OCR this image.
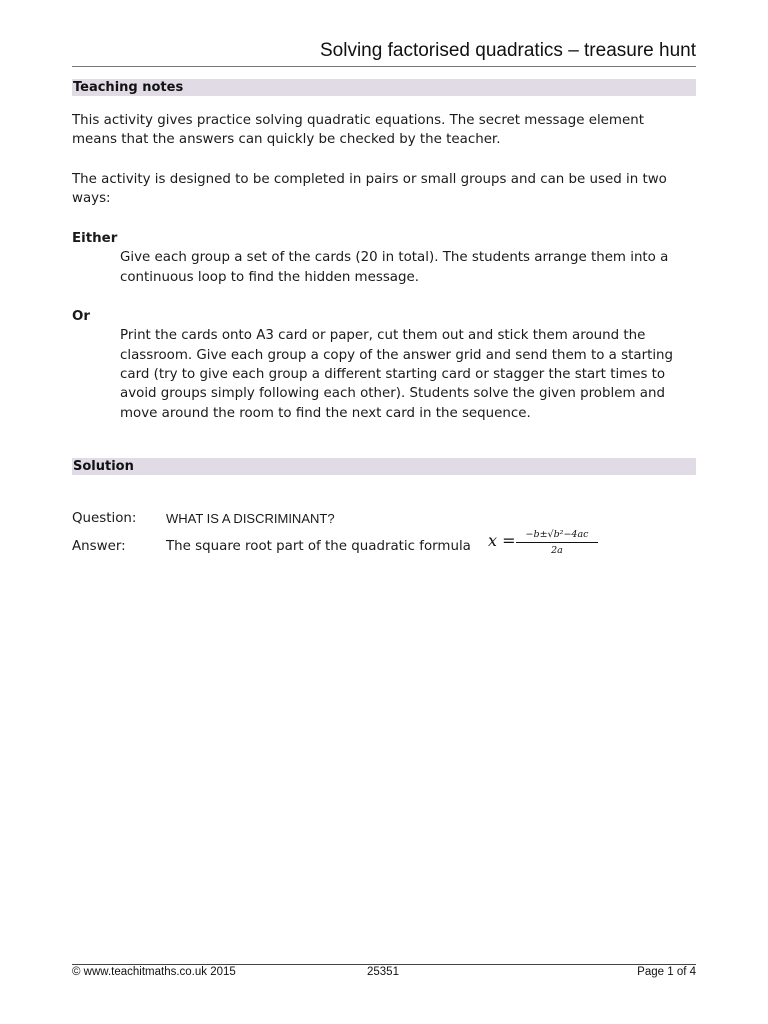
Solving factorised quadratics – treasure hunt
Teaching notes
This activity gives practice solving quadratic equations. The secret message element
means that the answers can quickly be checked by the teacher.
The activity is designed to be completed in pairs or small groups and can be used in two
ways:
Either
Give each group a set of the cards (20 in total). The students arrange them into a
continuous loop to find the hidden message.
Or
Print the cards onto A3 card or paper, cut them out and stick them around the
classroom. Give each group a copy of the answer grid and send them to a starting
card (try to give each group a different starting card or stagger the start times to
avoid groups simply following each other). Students solve the given problem and
move around the room to find the next card in the sequence.
Solution
Question: WHAT IS A DISCRIMINANT?
Answer:	The square root part of the quadratic formula x =	−b±√b²−4ac
2a
© www.teachitmaths.co.uk 2015	25351	Page 1 of 4
